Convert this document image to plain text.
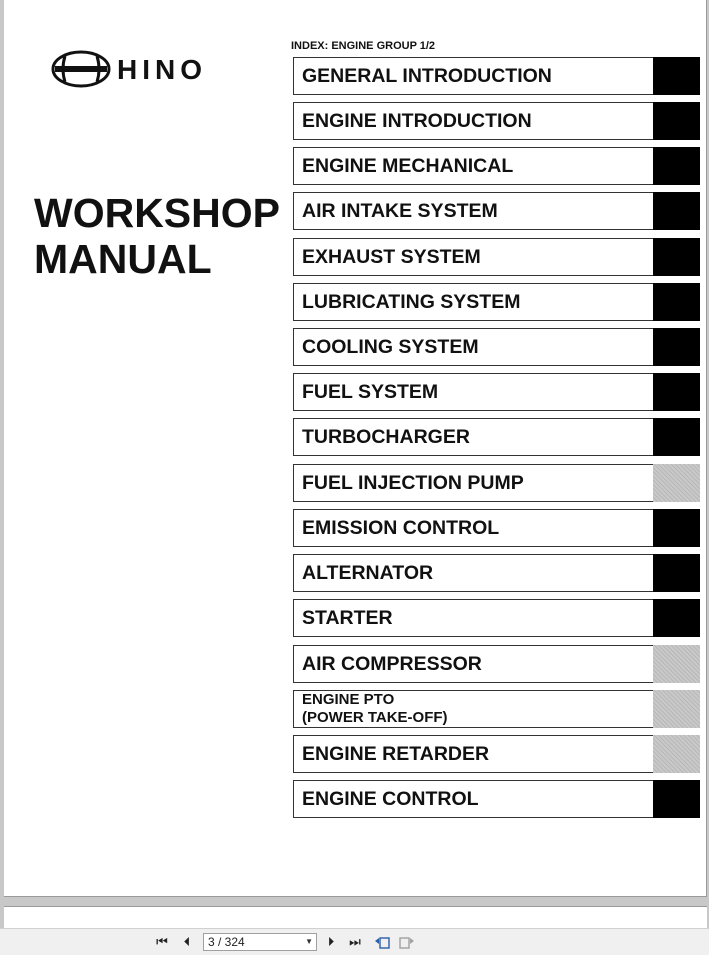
HINO
WORKSHOP
MANUAL
INDEX: ENGINE GROUP 1/2
GENERAL INTRODUCTION
ENGINE INTRODUCTION
ENGINE MECHANICAL
AIR INTAKE SYSTEM
EXHAUST SYSTEM
LUBRICATING SYSTEM
COOLING SYSTEM
FUEL SYSTEM
TURBOCHARGER
FUEL INJECTION PUMP
EMISSION CONTROL
ALTERNATOR
STARTER
AIR COMPRESSOR
ENGINE PTO
(POWER TAKE-OFF)
ENGINE RETARDER
ENGINE CONTROL
⏮	⏴	3 / 324	▼	⏵	⏭
